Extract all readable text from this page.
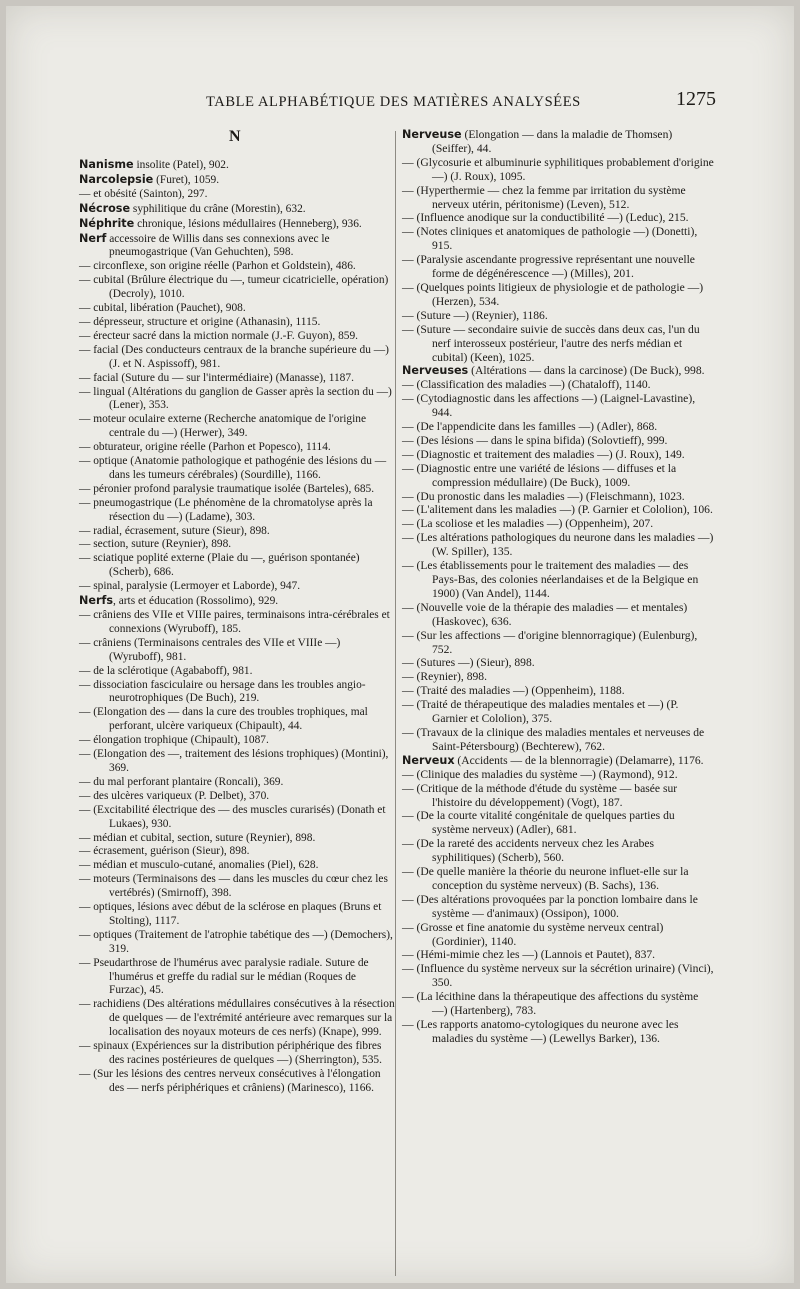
TABLE ALPHABÉTIQUE DES MATIÈRES ANALYSÉES	1275
N

Nanisme insolite (Patel), 902.

Narcolepsie (Furet), 1059.

— et obésité (Sainton), 297.

Nécrose syphilitique du crâne (Morestin), 632.

Néphrite chronique, lésions médullaires (Henneberg), 936.

Nerf accessoire de Willis dans ses connexions avec le pneumogastrique (Van Gehuchten), 598.

— circonflexe, son origine réelle (Parhon et Goldstein), 486.

— cubital (Brûlure électrique du —, tumeur cicatricielle, opération) (Decroly), 1010.

— cubital, libération (Pauchet), 908.

— dépresseur, structure et origine (Athanasin), 1115.

— érecteur sacré dans la miction normale (J.-F. Guyon), 859.

— facial (Des conducteurs centraux de la branche supérieure du —) (J. et N. Aspissoff), 981.

— facial (Suture du — sur l'intermédiaire) (Manasse), 1187.

— lingual (Altérations du ganglion de Gasser après la section du —) (Lener), 353.

— moteur oculaire externe (Recherche anatomique de l'origine centrale du —) (Herwer), 349.

— obturateur, origine réelle (Parhon et Popesco), 1114.

— optique (Anatomie pathologique et pathogénie des lésions du — dans les tumeurs cérébrales) (Sourdille), 1166.

— péronier profond paralysie traumatique isolée (Barteles), 685.

— pneumogastrique (Le phénomène de la chromatolyse après la résection du —) (Ladame), 303.

— radial, écrasement, suture (Sieur), 898.

— section, suture (Reynier), 898.

— sciatique poplité externe (Plaie du —, guérison spontanée) (Scherb), 686.

— spinal, paralysie (Lermoyer et Laborde), 947.

Nerfs, arts et éducation (Rossolimo), 929.

— crâniens des VIIe et VIIIe paires, terminaisons intra-cérébrales et connexions (Wyruboff), 185.

— crâniens (Terminaisons centrales des VIIe et VIIIe —) (Wyruboff), 981.

— de la sclérotique (Agababoff), 981.

— dissociation fasciculaire ou hersage dans les troubles angio-neurotrophiques (De Buch), 219.

— (Elongation des — dans la cure des troubles trophiques, mal perforant, ulcère variqueux (Chipault), 44.

— élongation trophique (Chipault), 1087.

— (Elongation des —, traitement des lésions trophiques) (Montini), 369.

— du mal perforant plantaire (Roncali), 369.

— des ulcères variqueux (P. Delbet), 370.

— (Excitabilité électrique des — des muscles curarisés) (Donath et Lukaes), 930.

— médian et cubital, section, suture (Reynier), 898.

— écrasement, guérison (Sieur), 898.

— médian et musculo-cutané, anomalies (Piel), 628.

— moteurs (Terminaisons des — dans les muscles du cœur chez les vertébrés) (Smirnoff), 398.

— optiques, lésions avec début de la sclérose en plaques (Bruns et Stolting), 1117.

— optiques (Traitement de l'atrophie tabétique des —) (Demochers), 319.

— Pseudarthrose de l'humérus avec paralysie radiale. Suture de l'humérus et greffe du radial sur le médian (Roques de Furzac), 45.

— rachidiens (Des altérations médullaires consécutives à la résection de quelques — de l'extrémité antérieure avec remarques sur la localisation des noyaux moteurs de ces nerfs) (Knape), 999.

— spinaux (Expériences sur la distribution périphérique des fibres des racines postérieures de quelques —) (Sherrington), 535.

— (Sur les lésions des centres nerveux consécutives à l'élongation des — nerfs périphériques et crâniens) (Marinesco), 1166.

Nerveuse (Elongation — dans la maladie de Thomsen) (Seiffer), 44.

— (Glycosurie et albuminurie syphilitiques probablement d'origine —) (J. Roux), 1095.

— (Hyperthermie — chez la femme par irritation du système nerveux utérin, péritonisme) (Leven), 512.

— (Influence anodique sur la conductibilité —) (Leduc), 215.

— (Notes cliniques et anatomiques de pathologie —) (Donetti), 915.

— (Paralysie ascendante progressive représentant une nouvelle forme de dégénérescence —) (Milles), 201.

— (Quelques points litigieux de physiologie et de pathologie —) (Herzen), 534.

— (Suture —) (Reynier), 1186.

— (Suture — secondaire suivie de succès dans deux cas, l'un du nerf interosseux postérieur, l'autre des nerfs médian et cubital) (Keen), 1025.

Nerveuses (Altérations — dans la carcinose) (De Buck), 998.

— (Classification des maladies —) (Chataloff), 1140.

— (Cytodiagnostic dans les affections —) (Laignel-Lavastine), 944.

— (De l'appendicite dans les familles —) (Adler), 868.

— (Des lésions — dans le spina bifida) (Solovtieff), 999.

— (Diagnostic et traitement des maladies —) (J. Roux), 149.

— (Diagnostic entre une variété de lésions — diffuses et la compression médullaire) (De Buck), 1009.

— (Du pronostic dans les maladies —) (Fleischmann), 1023.

— (L'alitement dans les maladies —) (P. Garnier et Cololion), 106.

— (La scoliose et les maladies —) (Oppenheim), 207.

— (Les altérations pathologiques du neurone dans les maladies —) (W. Spiller), 135.

— (Les établissements pour le traitement des maladies — des Pays-Bas, des colonies néerlandaises et de la Belgique en 1900) (Van Andel), 1144.

— (Nouvelle voie de la thérapie des maladies — et mentales) (Haskovec), 636.

— (Sur les affections — d'origine blennorragique) (Eulenburg), 752.

— (Sutures —) (Sieur), 898.

— (Reynier), 898.

— (Traité des maladies —) (Oppenheim), 1188.

— (Traité de thérapeutique des maladies mentales et —) (P. Garnier et Cololion), 375.

— (Travaux de la clinique des maladies mentales et nerveuses de Saint-Pétersbourg) (Bechterew), 762.

Nerveux (Accidents — de la blennorragie) (Delamarre), 1176.

— (Clinique des maladies du système —) (Raymond), 912.

— (Critique de la méthode d'étude du système — basée sur l'histoire du développement) (Vogt), 187.

— (De la courte vitalité congénitale de quelques parties du système nerveux) (Adler), 681.

— (De la rareté des accidents nerveux chez les Arabes syphilitiques) (Scherb), 560.

— (De quelle manière la théorie du neurone influet-elle sur la conception du système nerveux) (B. Sachs), 136.

— (Des altérations provoquées par la ponction lombaire dans le système — d'animaux) (Ossipon), 1000.

— (Grosse et fine anatomie du système nerveux central) (Gordinier), 1140.

— (Hémi-mimie chez les —) (Lannois et Pautet), 837.

— (Influence du système nerveux sur la sécrétion urinaire) (Vinci), 350.

— (La lécithine dans la thérapeutique des affections du système —) (Hartenberg), 783.

— (Les rapports anatomo-cytologiques du neurone avec les maladies du système —) (Lewellys Barker), 136.
